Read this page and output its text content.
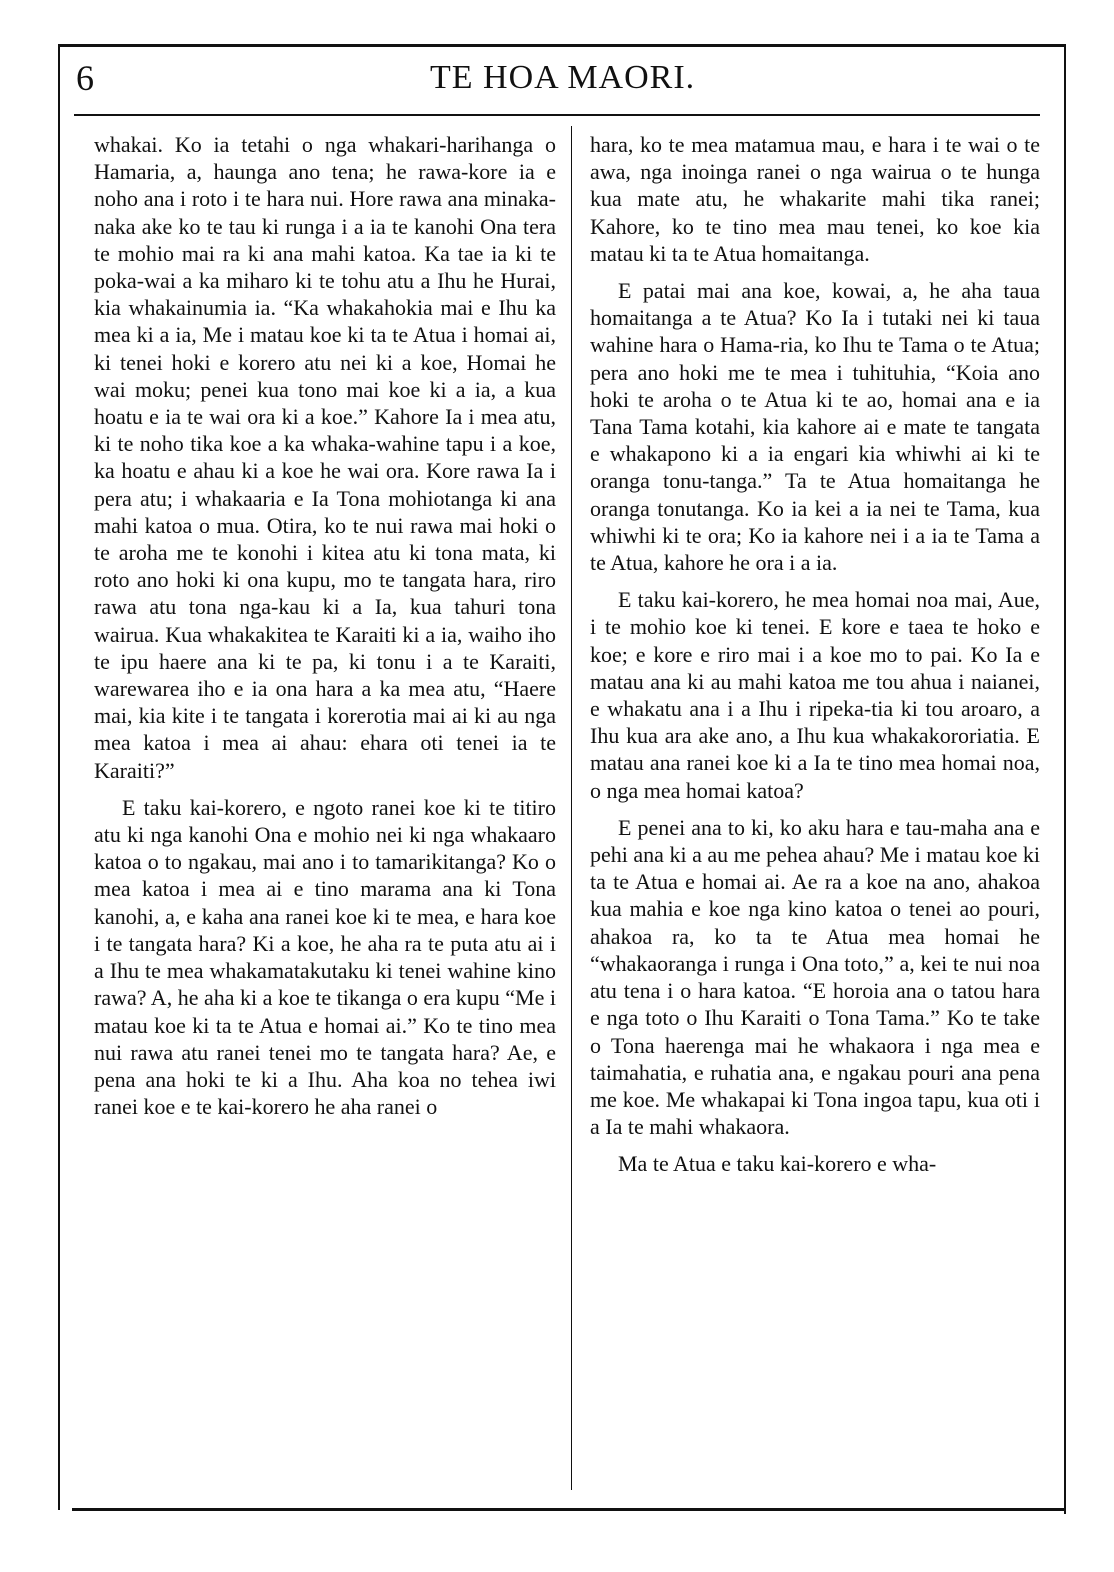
6	TE HOA MAORI.

whakai. Ko ia tetahi o nga whakari-harihanga o Hamaria, a, haunga ano tena; he rawa-kore ia e noho ana i roto i te hara nui. Hore rawa ana minaka-naka ake ko te tau ki runga i a ia te kanohi Ona tera te mohio mai ra ki ana mahi katoa. Ka tae ia ki te poka-wai a ka miharo ki te tohu atu a Ihu he Hurai, kia whakainumia ia. “Ka whakahokia mai e Ihu ka mea ki a ia, Me i matau koe ki ta te Atua i homai ai, ki tenei hoki e korero atu nei ki a koe, Homai he wai moku; penei kua tono mai koe ki a ia, a kua hoatu e ia te wai ora ki a koe.” Kahore Ia i mea atu, ki te noho tika koe a ka whaka-wahine tapu i a koe, ka hoatu e ahau ki a koe he wai ora. Kore rawa Ia i pera atu; i whakaaria e Ia Tona mohiotanga ki ana mahi katoa o mua. Otira, ko te nui rawa mai hoki o te aroha me te konohi i kitea atu ki tona mata, ki roto ano hoki ki ona kupu, mo te tangata hara, riro rawa atu tona nga-kau ki a Ia, kua tahuri tona wairua. Kua whakakitea te Karaiti ki a ia, waiho iho te ipu haere ana ki te pa, ki tonu i a te Karaiti, warewarea iho e ia ona hara a ka mea atu, “Haere mai, kia kite i te tangata i korerotia mai ai ki au nga mea katoa i mea ai ahau: ehara oti tenei ia te Karaiti?”

E taku kai-korero, e ngoto ranei koe ki te titiro atu ki nga kanohi Ona e mohio nei ki nga whakaaro katoa o to ngakau, mai ano i to tamarikitanga? Ko o mea katoa i mea ai e tino marama ana ki Tona kanohi, a, e kaha ana ranei koe ki te mea, e hara koe i te tangata hara? Ki a koe, he aha ra te puta atu ai i a Ihu te mea whakamatakutaku ki tenei wahine kino rawa? A, he aha ki a koe te tikanga o era kupu “Me i matau koe ki ta te Atua e homai ai.” Ko te tino mea nui rawa atu ranei tenei mo te tangata hara? Ae, e pena ana hoki te ki a Ihu. Aha koa no tehea iwi ranei koe e te kai-korero he aha ranei o

hara, ko te mea matamua mau, e hara i te wai o te awa, nga inoinga ranei o nga wairua o te hunga kua mate atu, he whakarite mahi tika ranei; Kahore, ko te tino mea mau tenei, ko koe kia matau ki ta te Atua homaitanga.

E patai mai ana koe, kowai, a, he aha taua homaitanga a te Atua? Ko Ia i tutaki nei ki taua wahine hara o Hama-ria, ko Ihu te Tama o te Atua; pera ano hoki me te mea i tuhituhia, “Koia ano hoki te aroha o te Atua ki te ao, homai ana e ia Tana Tama kotahi, kia kahore ai e mate te tangata e whakapono ki a ia engari kia whiwhi ai ki te oranga tonu-tanga.” Ta te Atua homaitanga he oranga tonutanga. Ko ia kei a ia nei te Tama, kua whiwhi ki te ora; Ko ia kahore nei i a ia te Tama a te Atua, kahore he ora i a ia.

E taku kai-korero, he mea homai noa mai, Aue, i te mohio koe ki tenei. E kore e taea te hoko e koe; e kore e riro mai i a koe mo to pai. Ko Ia e matau ana ki au mahi katoa me tou ahua i naianei, e whakatu ana i a Ihu i ripeka-tia ki tou aroaro, a Ihu kua ara ake ano, a Ihu kua whakakororiatia. E matau ana ranei koe ki a Ia te tino mea homai noa, o nga mea homai katoa?

E penei ana to ki, ko aku hara e tau-maha ana e pehi ana ki a au me pehea ahau? Me i matau koe ki ta te Atua e homai ai. Ae ra a koe na ano, ahakoa kua mahia e koe nga kino katoa o tenei ao pouri, ahakoa ra, ko ta te Atua mea homai he “whakaoranga i runga i Ona toto,” a, kei te nui noa atu tena i o hara katoa. “E horoia ana o tatou hara e nga toto o Ihu Karaiti o Tona Tama.” Ko te take o Tona haerenga mai he whakaora i nga mea e taimahatia, e ruhatia ana, e ngakau pouri ana pena me koe. Me whakapai ki Tona ingoa tapu, kua oti i a Ia te mahi whakaora.

Ma te Atua e taku kai-korero e wha-
